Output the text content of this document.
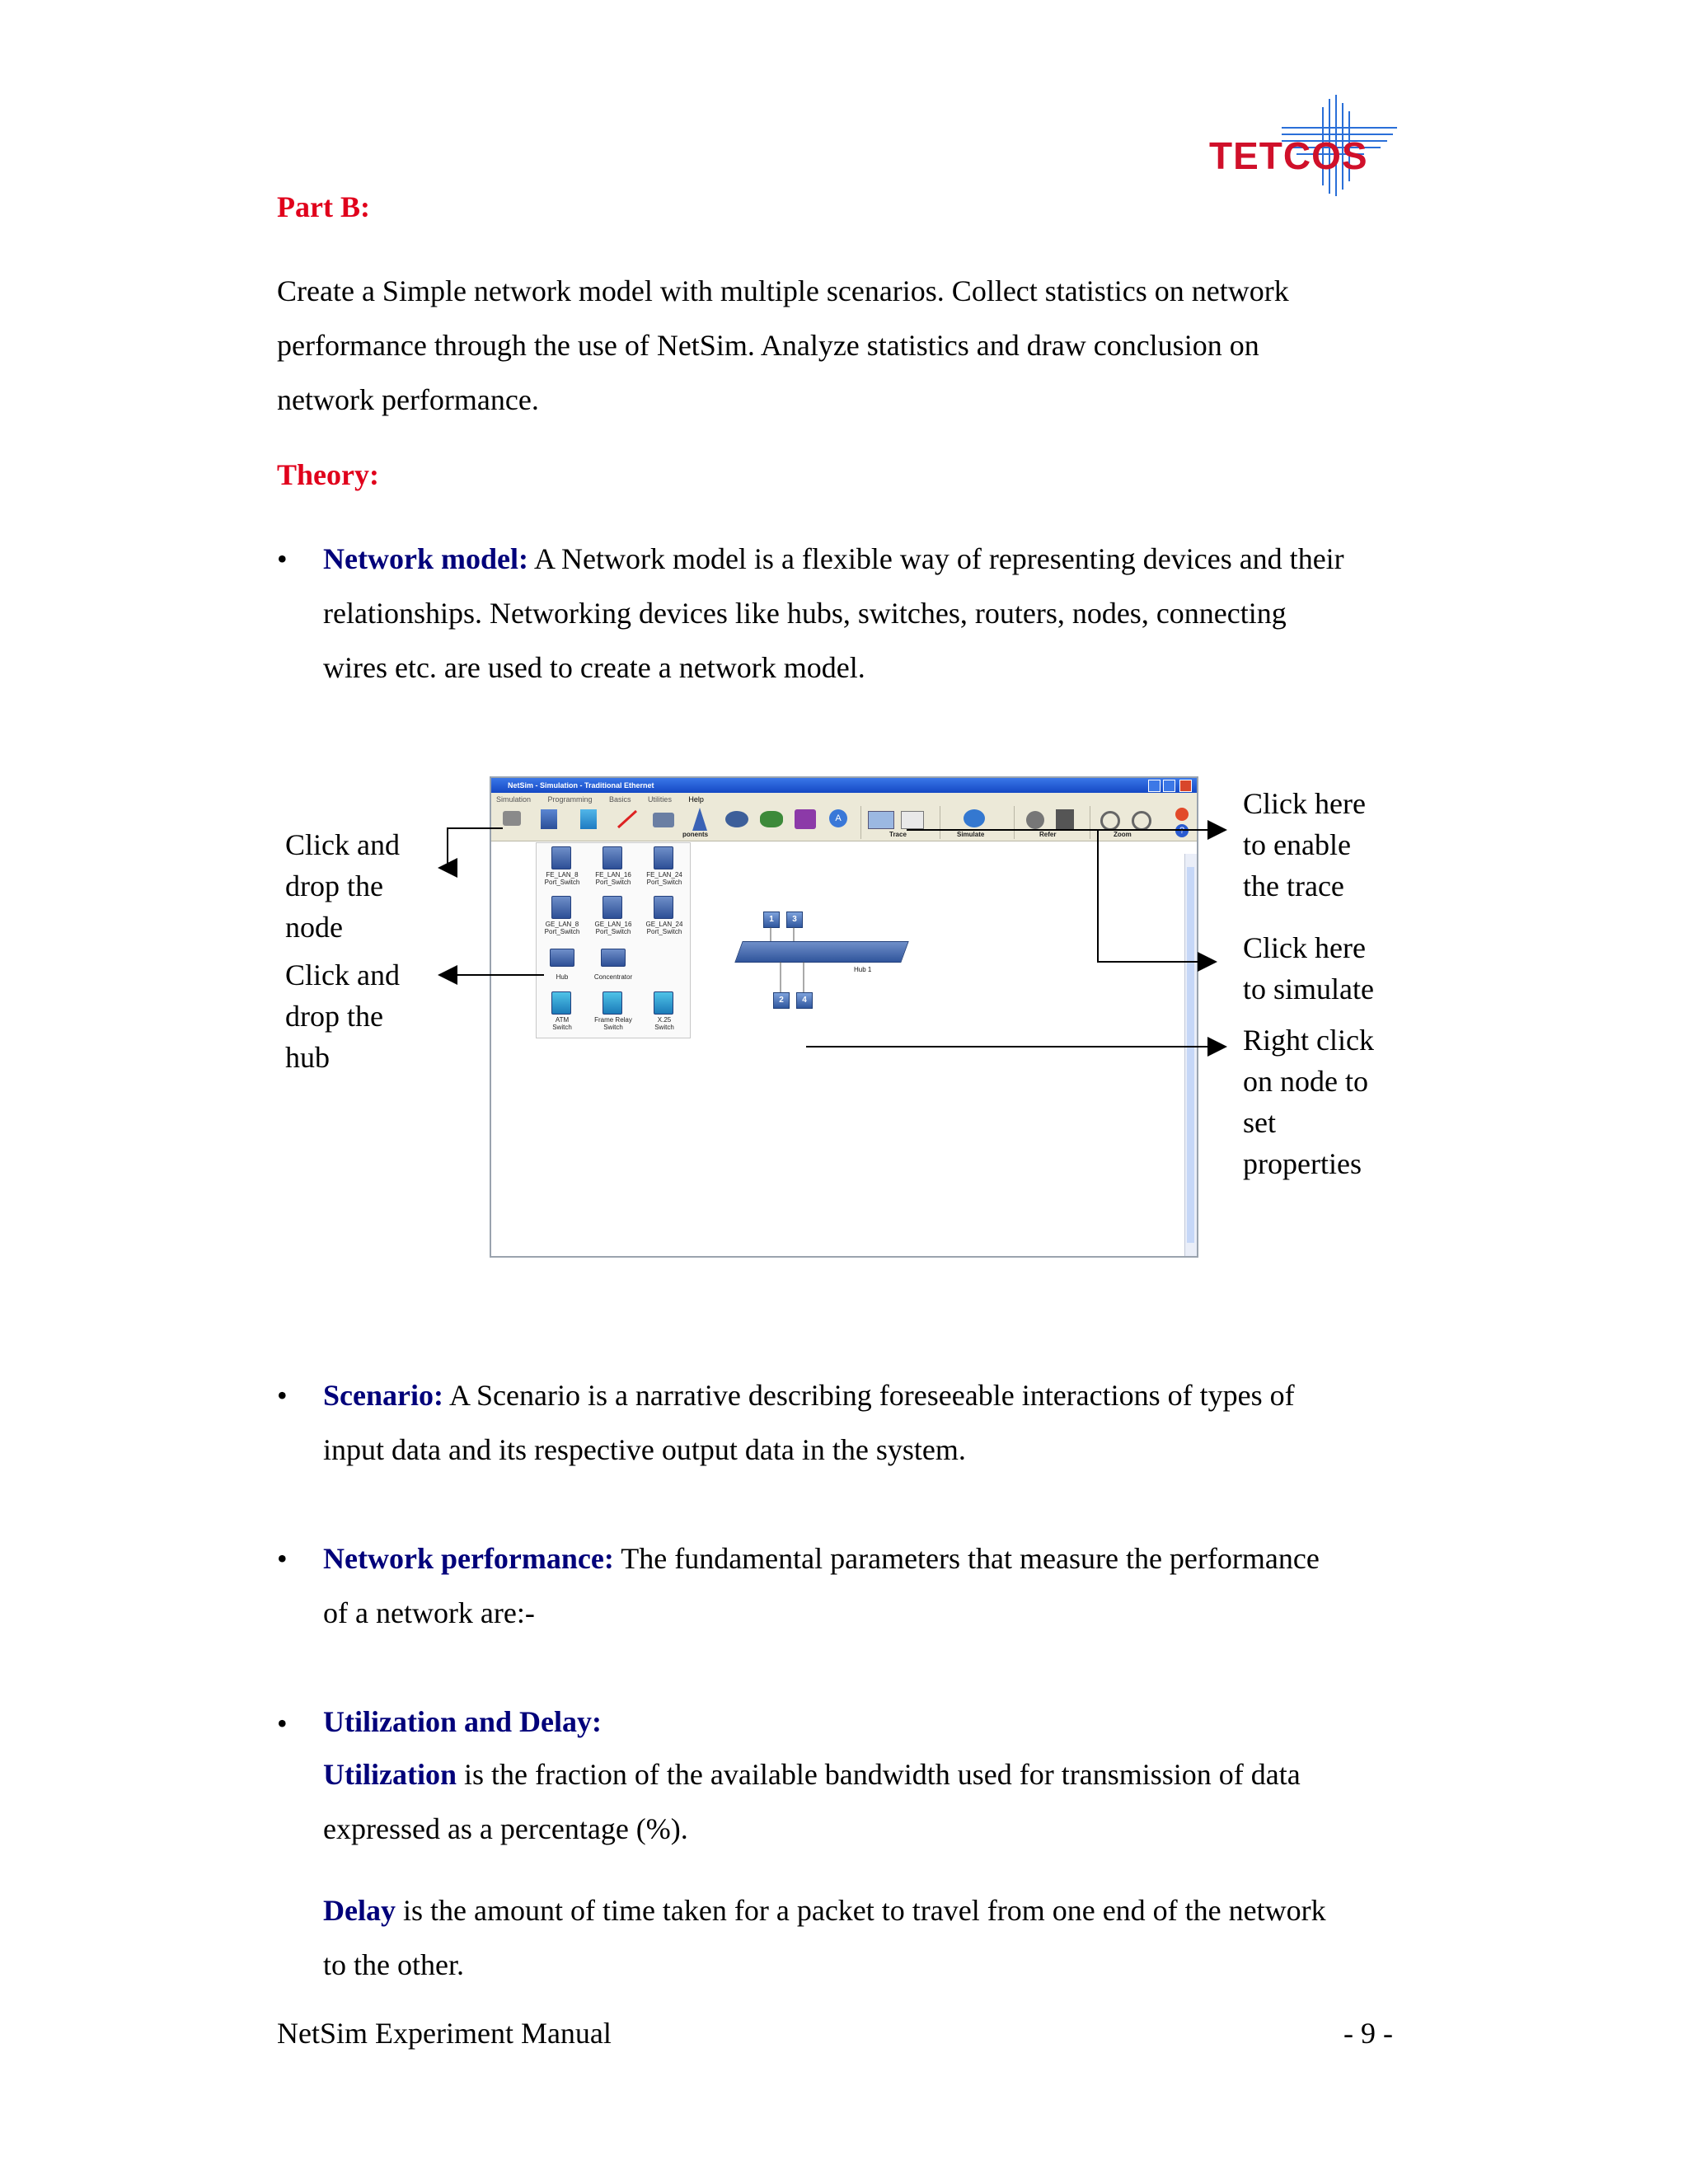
TETCOS
Part B:
Create a Simple network model with multiple scenarios. Collect statistics on network
performance through the use of NetSim. Analyze statistics and draw conclusion on
network performance.
Theory:
• Network model: A Network model is a flexible way of representing devices and their
relationships. Networking devices like hubs, switches, routers, nodes, connecting
wires etc. are used to create a network model.
NetSim - Simulation - Traditional Ethernet
Simulation Programming Basics Utilities Help
A
ponents	Trace	Simulate	Refer	Zoom	?
FE_LAN_8
Port_Switch
FE_LAN_16
Port_Switch
FE_LAN_24
Port_Switch
GE_LAN_8
Port_Switch
GE_LAN_16
Port_Switch
GE_LAN_24
Port_Switch
Hub	Concentrator
ATM
Switch
Frame Relay
Switch
X.25
Switch
Hub 1
1	3
2	4
Click and
drop the
node
Click and
drop the
hub
Click here
to enable
the trace
Click here
to simulate
Right click
on node to
set
properties
• Scenario: A Scenario is a narrative describing foreseeable interactions of types of
input data and its respective output data in the system.
• Network performance: The fundamental parameters that measure the performance
of a network are:-
• Utilization and Delay:
Utilization is the fraction of the available bandwidth used for transmission of data
expressed as a percentage (%).
Delay is the amount of time taken for a packet to travel from one end of the network
to the other.
NetSim Experiment Manual	- 9 -
